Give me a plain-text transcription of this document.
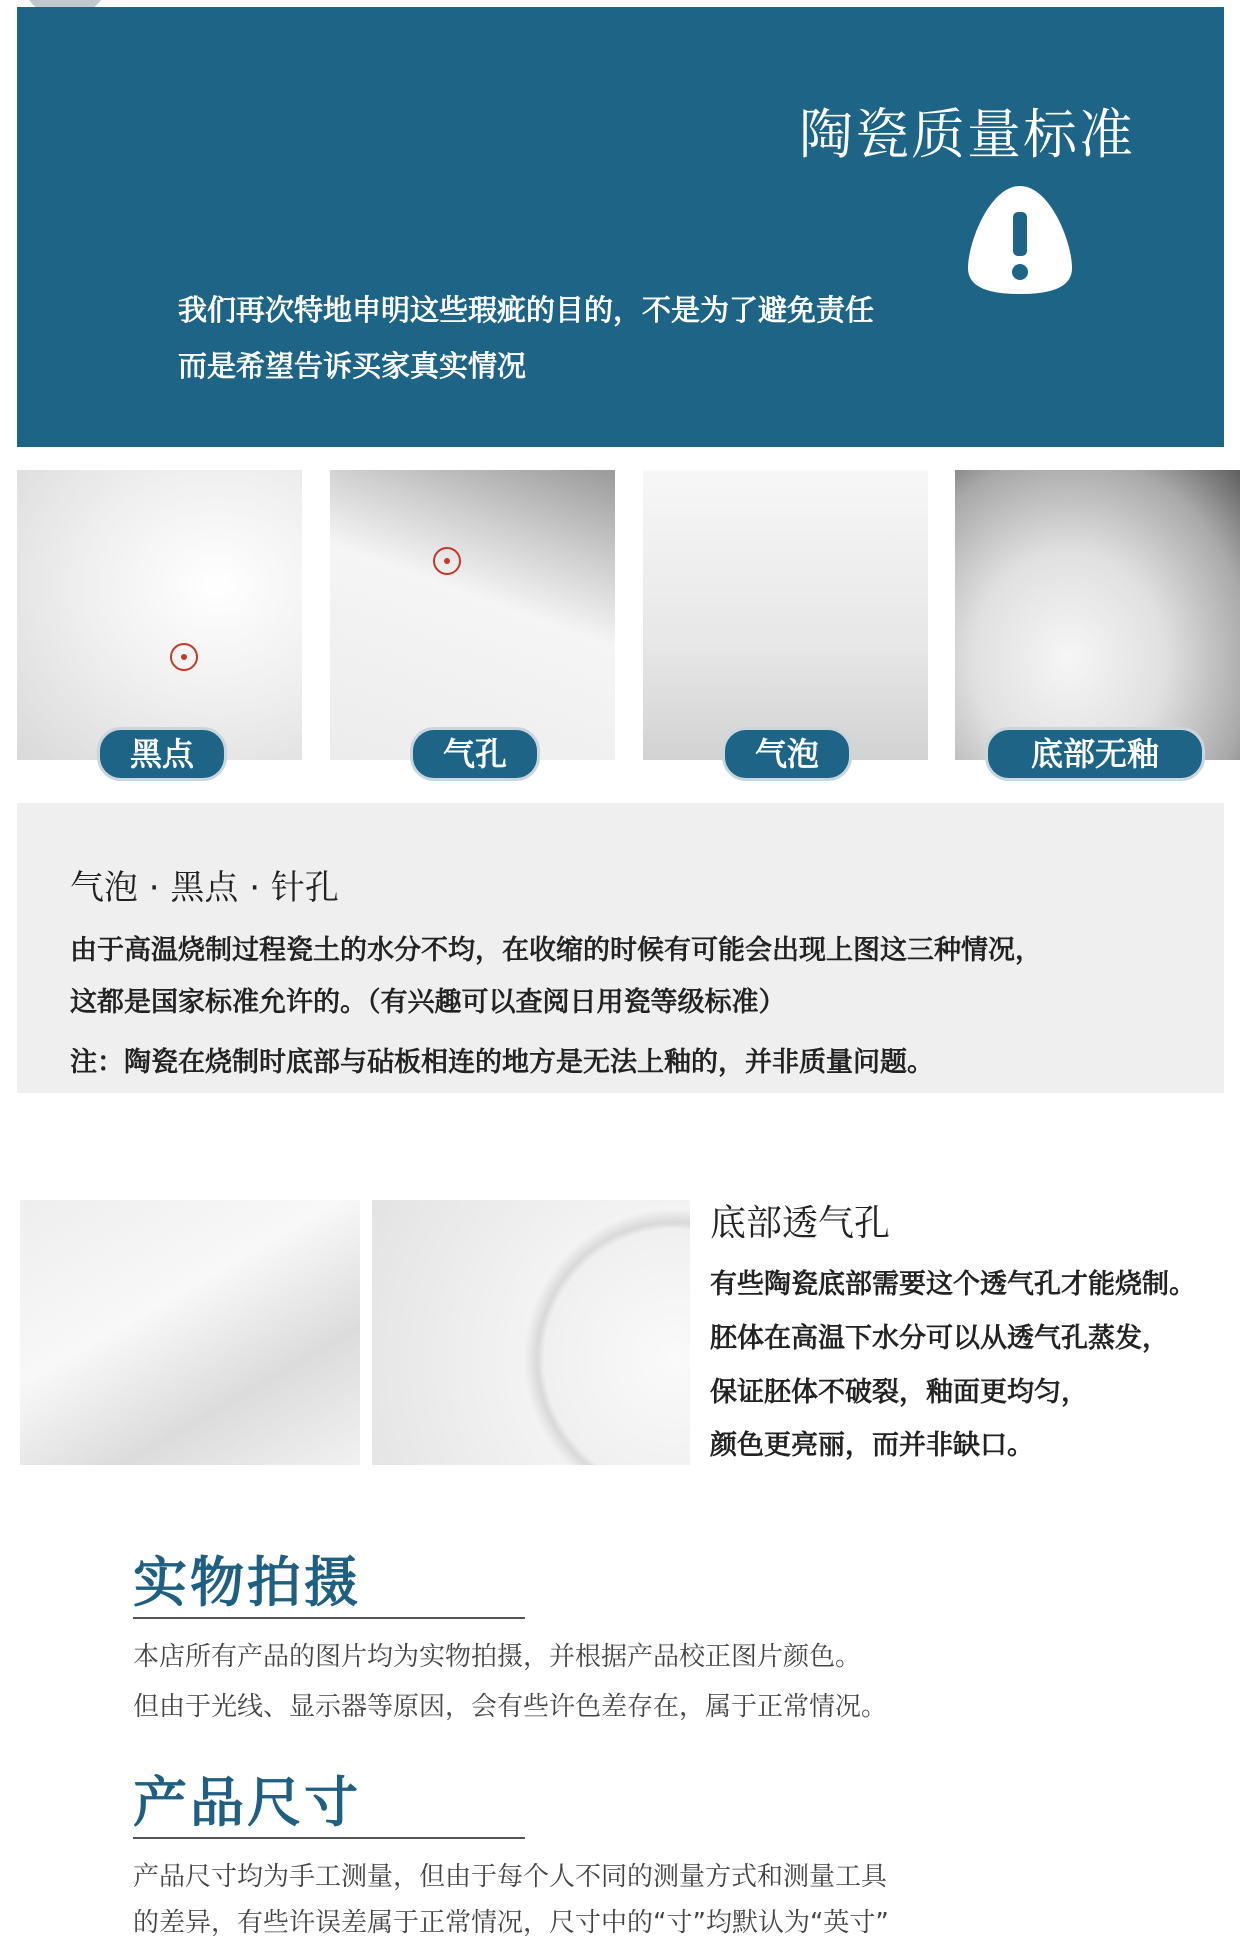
陶瓷质量标准
我们再次特地申明这些瑕疵的目的，不是为了避免责任
而是希望告诉买家真实情况
黑点	气孔	气泡	底部无釉
气泡 · 黑点 · 针孔
由于高温烧制过程瓷土的水分不均，在收缩的时候有可能会出现上图这三种情况，
这都是国家标准允许的。（有兴趣可以查阅日用瓷等级标准）
注：陶瓷在烧制时底部与砧板相连的地方是无法上釉的，并非质量问题。
底部透气孔
有些陶瓷底部需要这个透气孔才能烧制。
胚体在高温下水分可以从透气孔蒸发，
保证胚体不破裂，釉面更均匀，
颜色更亮丽，而并非缺口。
实物拍摄
本店所有产品的图片均为实物拍摄，并根据产品校正图片颜色。
但由于光线、显示器等原因，会有些许色差存在，属于正常情况。
产品尺寸
产品尺寸均为手工测量，但由于每个人不同的测量方式和测量工具
的差异，有些许误差属于正常情况，尺寸中的“寸”均默认为“英寸”
